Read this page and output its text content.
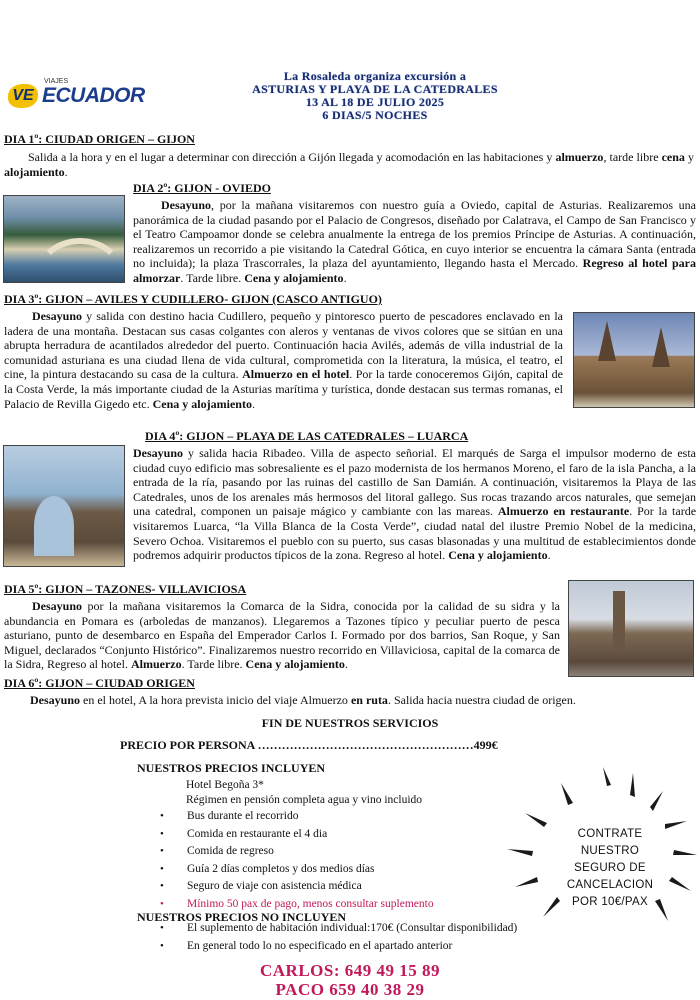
VE
VIAJES
ECUADOR
La Rosaleda organiza excursión a
ASTURIAS Y PLAYA DE LA CATEDRALES
13 AL 18 DE JULIO 2025
6 DIAS/5 NOCHES
DIA 1º: CIUDAD ORIGEN – GIJON
Salida a la hora y en el lugar a determinar con dirección a Gijón llegada y acomodación en las habitaciones y almuerzo, tarde libre cena y alojamiento.
DIA 2º: GIJON - OVIEDO
Desayuno, por la mañana visitaremos con nuestro guía a Oviedo, capital de Asturias. Realizaremos una panorámica de la ciudad pasando por el Palacio de Congresos, diseñado por Calatrava, el Campo de San Francisco y el Teatro Campoamor donde se celebra anualmente la entrega de los premios Príncipe de Asturias. A continuación, realizaremos un recorrido a pie visitando la Catedral Gótica, en cuyo interior se encuentra la cámara Santa (entrada no incluida); la plaza Trascorrales, la plaza del ayuntamiento, llegando hasta el Mercado. Regreso al hotel para almorzar. Tarde libre. Cena y alojamiento.
DIA 3º: GIJON – AVILES Y CUDILLERO- GIJON (CASCO ANTIGUO)
Desayuno y salida con destino hacia Cudillero, pequeño y pintoresco puerto de pescadores enclavado en la ladera de una montaña. Destacan sus casas colgantes con aleros y ventanas de vivos colores que se sitúan en una abrupta herradura de acantilados alrededor del puerto. Continuación hacia Avilés, además de villa industrial de la comunidad asturiana es una ciudad llena de vida cultural, comprometida con la literatura, la música, el teatro, el cine, la pintura destacando su casa de la cultura. Almuerzo en el hotel. Por la tarde conoceremos Gijón, capital de la Costa Verde, la más importante ciudad de la Asturias marítima y turística, donde destacan sus termas romanas, el Palacio de Revilla Gigedo etc. Cena y alojamiento.
DIA 4º: GIJON – PLAYA DE LAS CATEDRALES – LUARCA
Desayuno y salida hacia Ribadeo. Villa de aspecto señorial. El marqués de Sarga el impulsor moderno de esta ciudad cuyo edificio mas sobresaliente es el pazo modernista de los hermanos Moreno, el faro de la isla Pancha, a la entrada de la ría, pasando por las ruinas del castillo de San Damián. A continuación, visitaremos la Playa de las Catedrales, unos de los arenales más hermosos del litoral gallego. Sus rocas trazando arcos naturales, que semejan una catedral, componen un paisaje mágico y cambiante con las mareas. Almuerzo en restaurante. Por la tarde visitaremos Luarca, “la Villa Blanca de la Costa Verde”, ciudad natal del ilustre Premio Nobel de la medicina, Severo Ochoa. Visitaremos el pueblo con su puerto, sus casas blasonadas y una multitud de establecimientos donde podremos adquirir productos típicos de la zona. Regreso al hotel. Cena y alojamiento.
DIA 5º: GIJON – TAZONES- VILLAVICIOSA
Desayuno por la mañana visitaremos la Comarca de la Sidra, conocida por la calidad de su sidra y la abundancia en Pomara es (arboledas de manzanos). Llegaremos a Tazones típico y peculiar puerto de pesca asturiano, punto de desembarco en España del Emperador Carlos I. Formado por dos barrios, San Roque, y San Miguel, declarados “Conjunto Histórico”. Finalizaremos nuestro recorrido en Villaviciosa, capital de la comarca de la Sidra, Regreso al hotel. Almuerzo. Tarde libre. Cena y alojamiento.
DIA 6º: GIJON – CIUDAD ORIGEN
Desayuno en el hotel, A la hora prevista inicio del viaje Almuerzo en ruta. Salida hacia nuestra ciudad de origen.
FIN DE NUESTROS SERVICIOS
PRECIO POR PERSONA ………………………………………………499€
NUESTROS PRECIOS INCLUYEN
Hotel Begoña 3*
Régimen en pensión completa agua y vino incluido
• Bus durante el recorrido
• Comida en restaurante el 4 dia
• Comida de regreso
• Guía 2 días completos y dos medios días
• Seguro de viaje con asistencia médica
• Mínimo 50 pax de pago, menos consultar suplemento
NUESTROS PRECIOS NO INCLUYEN
• El suplemento de habitación individual:170€ (Consultar disponibilidad)
• En general todo lo no especificado en el apartado anterior
CONTRATE
NUESTRO
SEGURO DE
CANCELACION
POR 10€/PAX
CARLOS: 649 49 15 89
PACO 659 40 38 29
